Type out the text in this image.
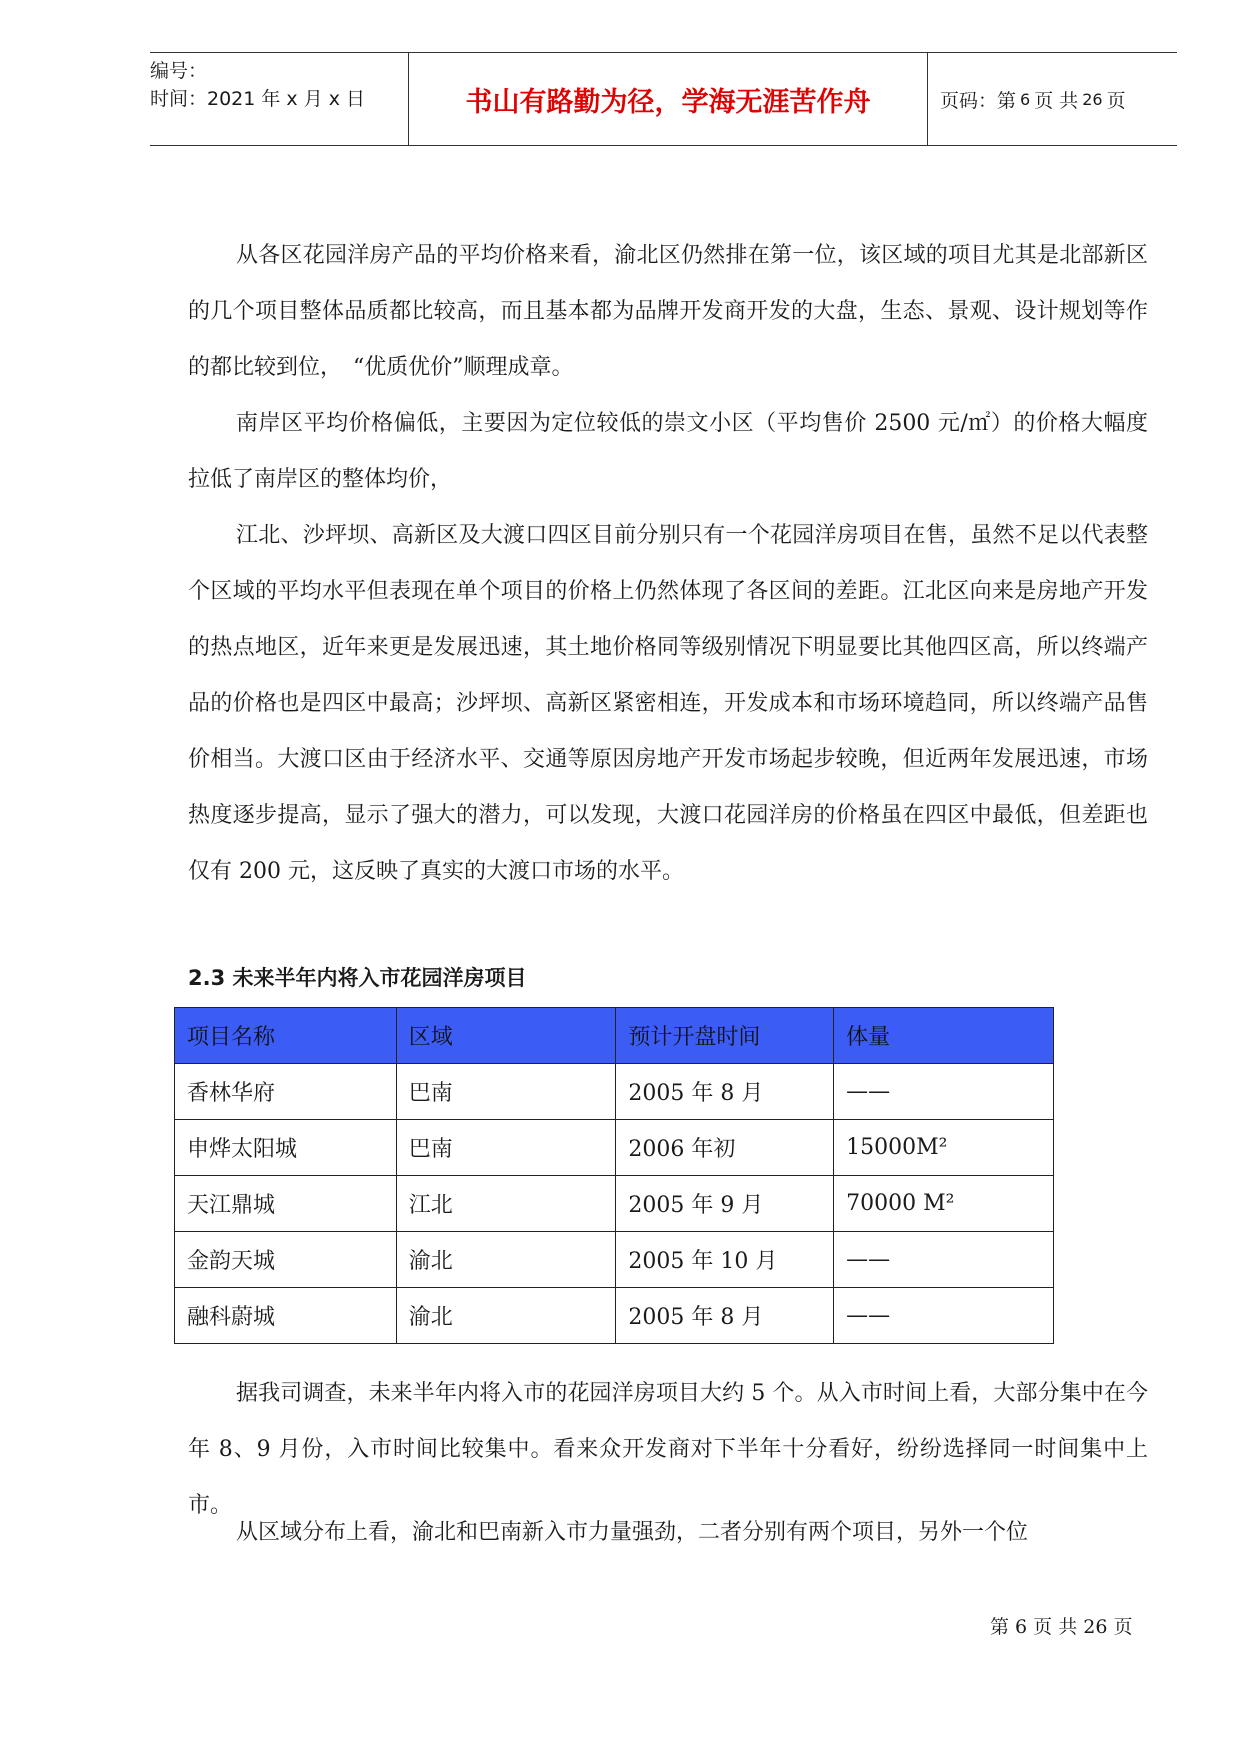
编号：
时间：2021 年 x 月 x 日	书山有路勤为径，学海无涯苦作舟	页码：第 6 页 共 26 页

从各区花园洋房产品的平均价格来看，渝北区仍然排在第一位，该区域的项目尤其是北部新区的几个项目整体品质都比较高，而且基本都为品牌开发商开发的大盘，生态、景观、设计规划等作的都比较到位，　“优质优价”顺理成章。

南岸区平均价格偏低，主要因为定位较低的崇文小区（平均售价 2500 元/㎡）的价格大幅度拉低了南岸区的整体均价，

江北、沙坪坝、高新区及大渡口四区目前分别只有一个花园洋房项目在售，虽然不足以代表整个区域的平均水平但表现在单个项目的价格上仍然体现了各区间的差距。江北区向来是房地产开发的热点地区，近年来更是发展迅速，其土地价格同等级别情况下明显要比其他四区高，所以终端产品的价格也是四区中最高；沙坪坝、高新区紧密相连，开发成本和市场环境趋同，所以终端产品售价相当。大渡口区由于经济水平、交通等原因房地产开发市场起步较晚，但近两年发展迅速，市场热度逐步提高，显示了强大的潜力，可以发现，大渡口花园洋房的价格虽在四区中最低，但差距也仅有 200 元，这反映了真实的大渡口市场的水平。

2.3 未来半年内将入市花园洋房项目
项目名称	区域	预计开盘时间	体量
香林华府	巴南	2005 年 8 月	——
申烨太阳城	巴南	2006 年初	15000M²
天江鼎城	江北	2005 年 9 月	70000 M²
金韵天城	渝北	2005 年 10 月	——
融科蔚城	渝北	2005 年 8 月	——

据我司调查，未来半年内将入市的花园洋房项目大约 5 个。从入市时间上看，大部分集中在今年 8、9 月份，入市时间比较集中。看来众开发商对下半年十分看好，纷纷选择同一时间集中上市。

从区域分布上看，渝北和巴南新入市力量强劲，二者分别有两个项目，另外一个位

第 6 页 共 26 页
